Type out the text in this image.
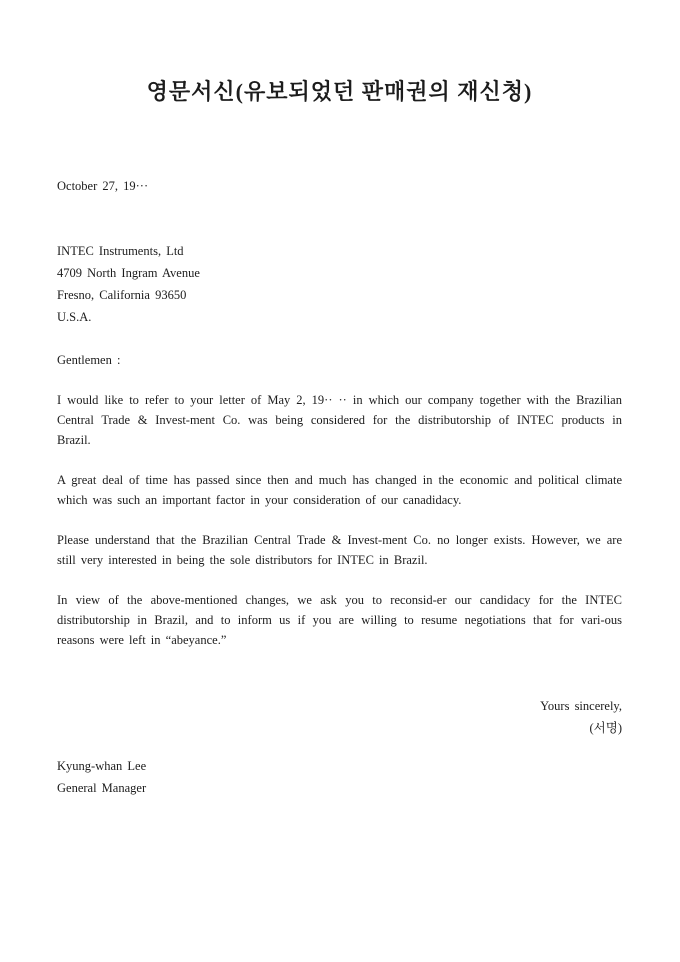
영문서신(유보되었던 판매권의 재신청)

October 27, 19···

INTEC Instruments, Ltd

4709 North Ingram Avenue

Fresno, California 93650

U.S.A.

Gentlemen :

I would like to refer to your letter of May 2, 19·· ·· in which our company together with the Brazilian Central Trade & Invest-ment Co. was being considered for the distributorship of INTEC products in Brazil.

A great deal of time has passed since then and much has changed in the economic and political climate which was such an important factor in your consideration of our canadidacy.

Please understand that the Brazilian Central Trade & Invest-ment Co. no longer exists. However, we are still very interested in being the sole distributors for INTEC in Brazil.

In view of the above-mentioned changes, we ask you to reconsid-er our candidacy for the INTEC distributorship in Brazil, and to inform us if you are willing to resume negotiations that for vari-ous reasons were left in “abeyance.”

Yours sincerely,

(서명)

Kyung-whan Lee

General Manager
